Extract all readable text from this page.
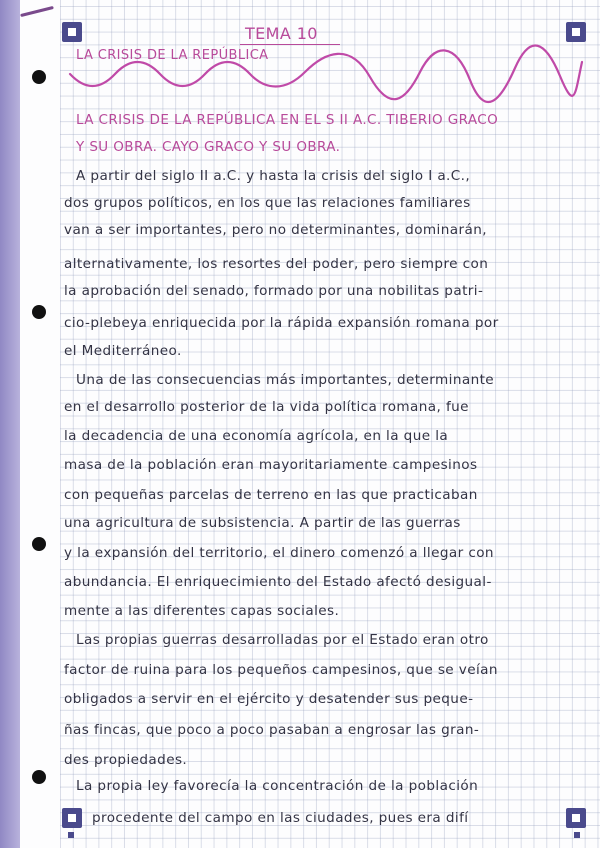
TEMA 10
LA CRISIS DE LA REPÚBLICA
LA CRISIS DE LA REPÚBLICA EN EL S II A.C. TIBERIO GRACO
Y SU OBRA. CAYO GRACO Y SU OBRA.
A partir del siglo II a.C. y hasta la crisis del siglo I a.C.,
dos grupos políticos, en los que las relaciones familiares
van a ser importantes, pero no determinantes, dominarán,
alternativamente, los resortes del poder, pero siempre con
la aprobación del senado, formado por una nobilitas patri-
cio-plebeya enriquecida por la rápida expansión romana por
el Mediterráneo.
Una de las consecuencias más importantes, determinante
en el desarrollo posterior de la vida política romana, fue
la decadencia de una economía agrícola, en la que la
masa de la población eran mayoritariamente campesinos
con pequeñas parcelas de terreno en las que practicaban
una agricultura de subsistencia. A partir de las guerras
y la expansión del territorio, el dinero comenzó a llegar con
abundancia. El enriquecimiento del Estado afectó desigual-
mente a las diferentes capas sociales.
Las propias guerras desarrolladas por el Estado eran otro
factor de ruina para los pequeños campesinos, que se veían
obligados a servir en el ejército y desatender sus peque-
ñas fincas, que poco a poco pasaban a engrosar las gran-
des propiedades.
La propia ley favorecía la concentración de la población
procedente del campo en las ciudades, pues era difí
